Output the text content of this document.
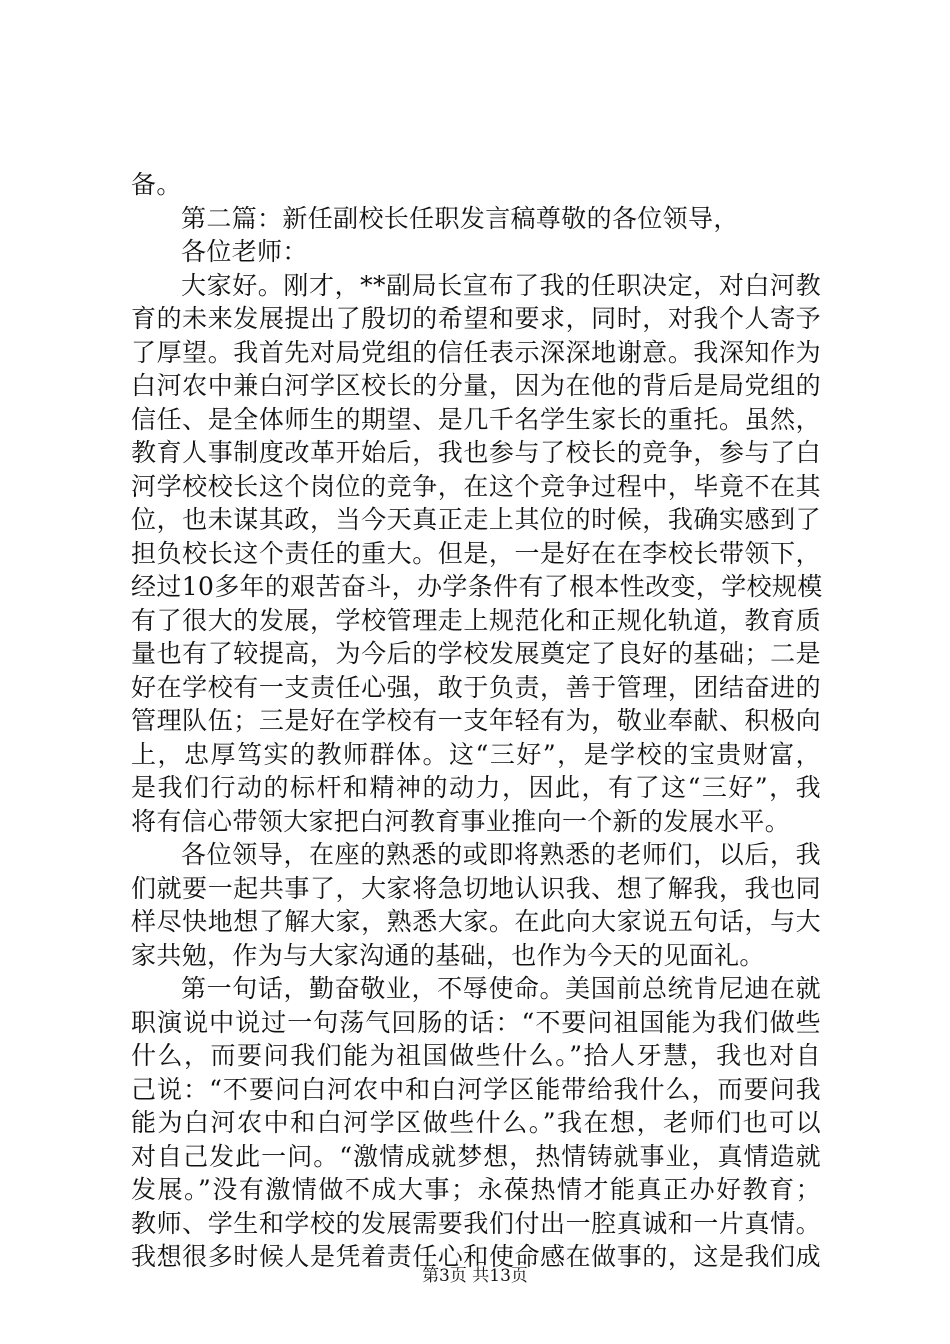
备。
第二篇：新任副校长任职发言稿尊敬的各位领导，
各位老师：
大家好。刚才，**副局长宣布了我的任职决定，对白河教
育的未来发展提出了殷切的希望和要求，同时，对我个人寄予
了厚望。我首先对局党组的信任表示深深地谢意。我深知作为
白河农中兼白河学区校长的分量，因为在他的背后是局党组的
信任、是全体师生的期望、是几千名学生家长的重托。虽然，
教育人事制度改革开始后，我也参与了校长的竞争，参与了白
河学校校长这个岗位的竞争，在这个竞争过程中，毕竟不在其
位，也未谋其政，当今天真正走上其位的时候，我确实感到了
担负校长这个责任的重大。但是，一是好在在李校长带领下，
经过10多年的艰苦奋斗，办学条件有了根本性改变，学校规模
有了很大的发展，学校管理走上规范化和正规化轨道，教育质
量也有了较提高，为今后的学校发展奠定了良好的基础；二是
好在学校有一支责任心强，敢于负责，善于管理，团结奋进的
管理队伍；三是好在学校有一支年轻有为，敬业奉献、积极向
上，忠厚笃实的教师群体。这“三好”，是学校的宝贵财富，
是我们行动的标杆和精神的动力，因此，有了这“三好”，我
将有信心带领大家把白河教育事业推向一个新的发展水平。
各位领导，在座的熟悉的或即将熟悉的老师们，以后，我
们就要一起共事了，大家将急切地认识我、想了解我，我也同
样尽快地想了解大家，熟悉大家。在此向大家说五句话，与大
家共勉，作为与大家沟通的基础，也作为今天的见面礼。
第一句话，勤奋敬业，不辱使命。美国前总统肯尼迪在就
职演说中说过一句荡气回肠的话：“不要问祖国能为我们做些
什么，而要问我们能为祖国做些什么。”拾人牙慧，我也对自
己说：“不要问白河农中和白河学区能带给我什么，而要问我
能为白河农中和白河学区做些什么。”我在想，老师们也可以
对自己发此一问。“激情成就梦想，热情铸就事业，真情造就
发展。”没有激情做不成大事；永葆热情才能真正办好教育；
教师、学生和学校的发展需要我们付出一腔真诚和一片真情。
我想很多时候人是凭着责任心和使命感在做事的，这是我们成
第3页 共13页
